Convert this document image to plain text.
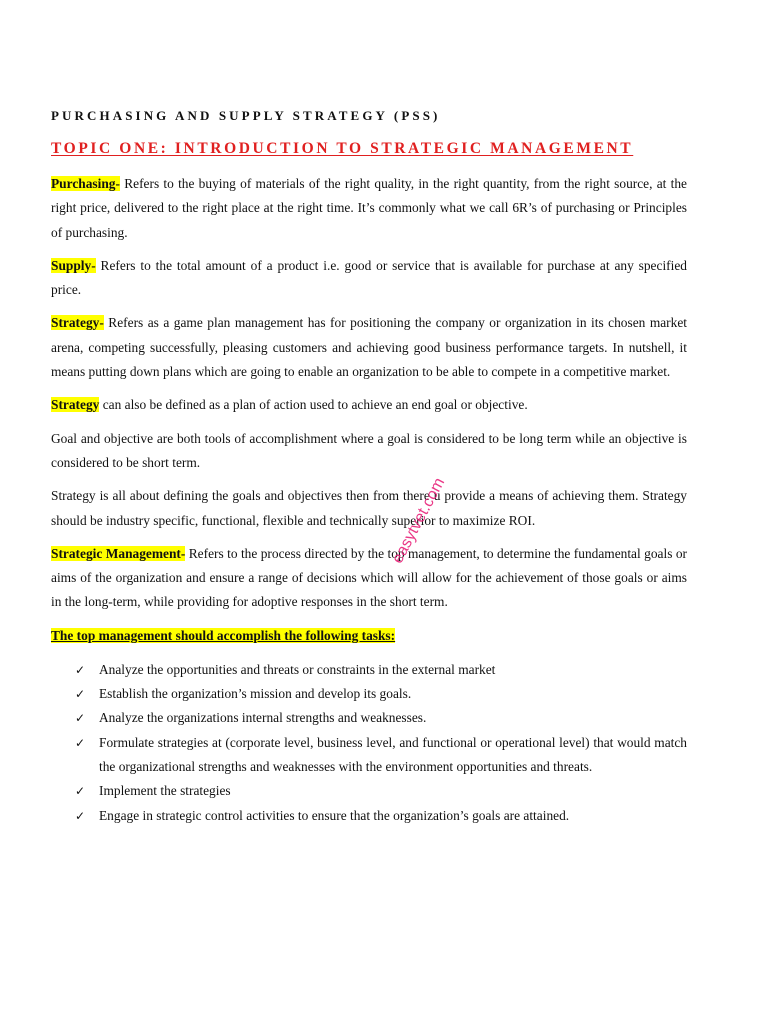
PURCHASING AND SUPPLY STRATEGY (PSS)
TOPIC ONE: INTRODUCTION TO STRATEGIC MANAGEMENT

Purchasing- Refers to the buying of materials of the right quality, in the right quantity, from the right source, at the right price, delivered to the right place at the right time. It’s commonly what we call 6R’s of purchasing or Principles of purchasing.

Supply- Refers to the total amount of a product i.e. good or service that is available for purchase at any specified price.

Strategy- Refers as a game plan management has for positioning the company or organization in its chosen market arena, competing successfully, pleasing customers and achieving good business performance targets. In nutshell, it means putting down plans which are going to enable an organization to be able to compete in a competitive market.

Strategy can also be defined as a plan of action used to achieve an end goal or objective.

Goal and objective are both tools of accomplishment where a goal is considered to be long term while an objective is considered to be short term.

Strategy is all about defining the goals and objectives then from there u provide a means of achieving them. Strategy should be industry specific, functional, flexible and technically superior to maximize ROI.

Strategic Management- Refers to the process directed by the top management, to determine the fundamental goals or aims of the organization and ensure a range of decisions which will allow for the achievement of those goals or aims in the long-term, while providing for adoptive responses in the short term.

The top management should accomplish the following tasks:
✓ Analyze the opportunities and threats or constraints in the external market
✓ Establish the organization’s mission and develop its goals.
✓ Analyze the organizations internal strengths and weaknesses.
✓ Formulate strategies at (corporate level, business level, and functional or operational level) that would match the organizational strengths and weaknesses with the environment opportunities and threats.
✓ Implement the strategies
✓ Engage in strategic control activities to ensure that the organization’s goals are attained.
easytvet.com
